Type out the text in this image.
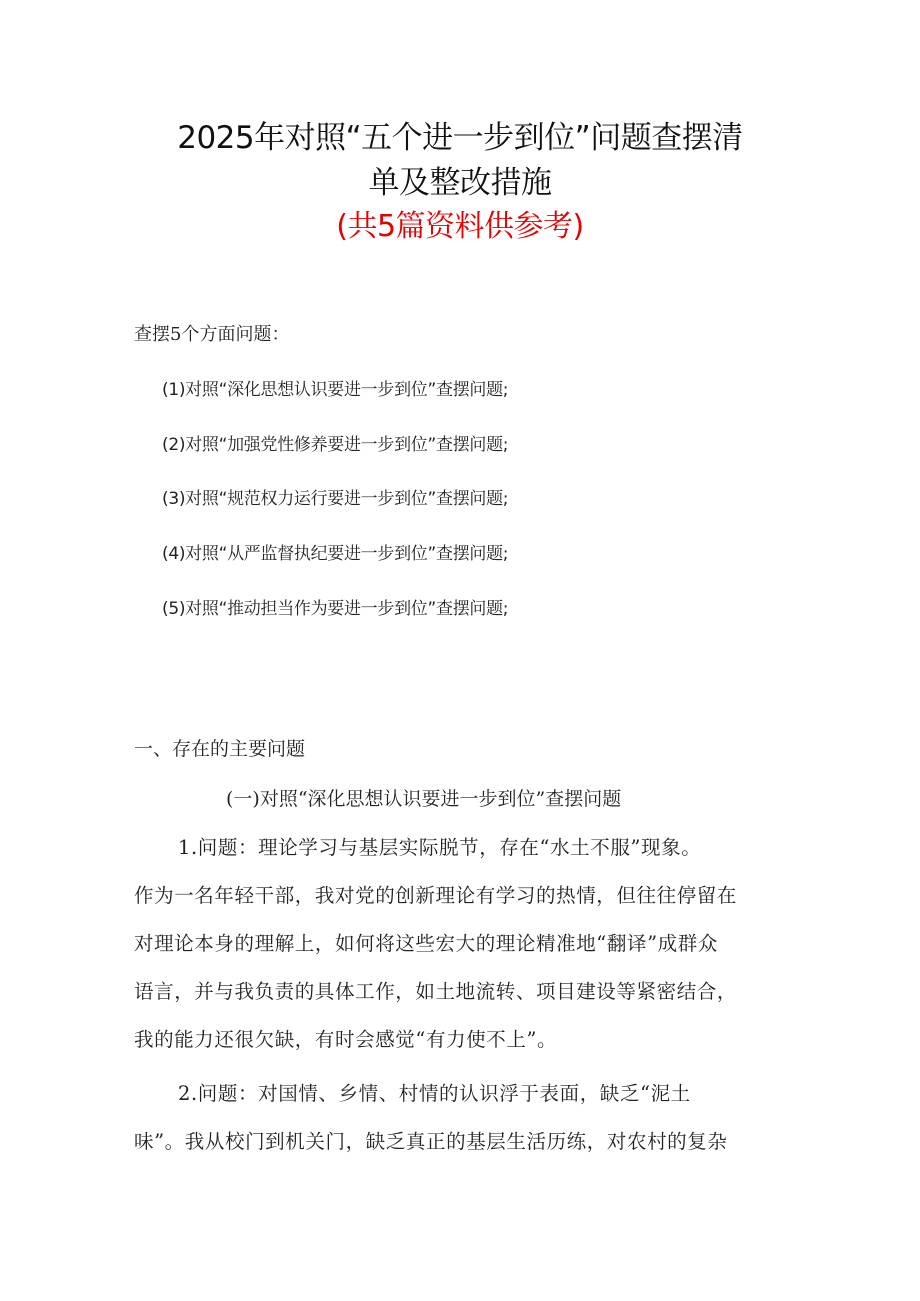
2025年对照“五个进一步到位”问题查摆清
单及整改措施
(共5篇资料供参考)
查摆5个方面问题：
(1)对照“深化思想认识要进一步到位”查摆问题;
(2)对照“加强党性修养要进一步到位”查摆问题;
(3)对照“规范权力运行要进一步到位”查摆问题;
(4)对照“从严监督执纪要进一步到位”查摆问题;
(5)对照“推动担当作为要进一步到位”查摆问题;
一、存在的主要问题
(一)对照“深化思想认识要进一步到位”查摆问题
1.问题：理论学习与基层实际脱节，存在“水土不服”现象。
作为一名年轻干部，我对党的创新理论有学习的热情，但往往停留在
对理论本身的理解上，如何将这些宏大的理论精准地“翻译”成群众
语言，并与我负责的具体工作，如土地流转、项目建设等紧密结合，
我的能力还很欠缺，有时会感觉“有力使不上”。
2.问题：对国情、乡情、村情的认识浮于表面，缺乏“泥土
味”。我从校门到机关门，缺乏真正的基层生活历练，对农村的复杂
